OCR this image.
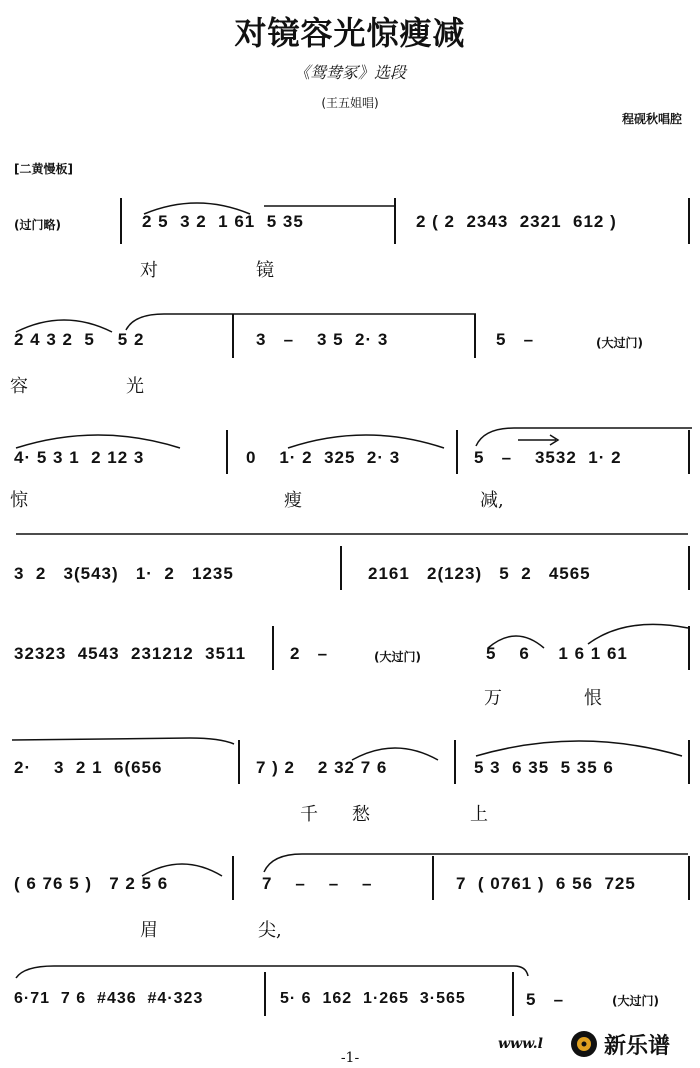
对镜容光惊瘦减
《鸳鸯冢》选段
(王五姐唱)
程砚秋唱腔
[二黄慢板]
(过门略)	2 5  3 2  1 61  5 35	2 ( 2  2343  2321  612 )
对	镜
2 4 3 2  5    5 2	3   –    3 5  2· 3	5   –	(大过门)
容	光
4· 5 3 1  2 12 3	0    1· 2  325  2· 3	5   –    3532  1· 2
惊	瘦	减,
3  2   3(543)   1·  2   1235	2161   2(123)   5  2   4565
32323  4543  231212  3511	2   –	(大过门)	5    6     1 6 1 61
万	恨
2·    3  2 1  6(656	7 ) 2    2 32 7 6	5 3  6 35  5 35 6
千 愁	上
( 6 76 5 )   7 2 5 6	7    –    –    –	7  ( 0761 )  6 56  725
眉	尖,
6·71  7 6  #436  #4·323	5· 6  162  1·265  3·565	5   –	(大过门)
-1-
www.l	新乐谱
